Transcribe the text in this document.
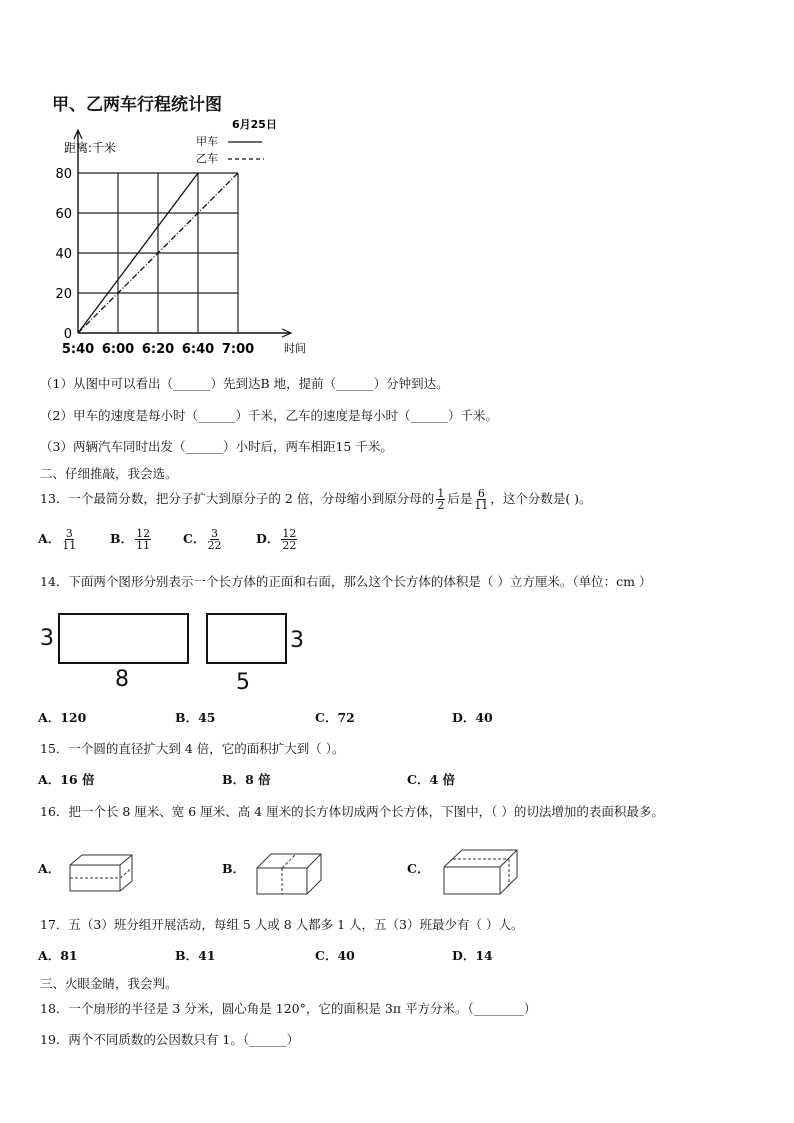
甲、乙两车行程统计图
0
20
40
60
80
5:40 6:00 6:20 6:40 7:00
6月25日
距离:千米
时间
甲车
乙车
（1）从图中可以看出（______）先到达B 地，提前（______）分钟到达。
（2）甲车的速度是每小时（______）千米，乙车的速度是每小时（______）千米。
（3）两辆汽车同时出发（______）小时后，两车相距15 千米。
二、仔细推敲，我会选。
13．一个最简分数，把分子扩大到原分子的 2 倍，分母缩小到原分母的 $\frac{1}{2}$ 后是 $\frac{6}{11}$ ，这个分数是( )。
A． $\frac{3}{11}$	B． $\frac{12}{11}$	C． $\frac{3}{22}$	D． $\frac{12}{22}$
14．下面两个图形分别表示一个长方体的正面和右面，那么这个长方体的体积是（ ）立方厘米。（单位：cm ）
3
8
3
5
A．120	B．45	C．72	D．40
15．一个圆的直径扩大到 4 倍，它的面积扩大到（ ）。
A．16 倍	B．8 倍	C．4 倍
16．把一个长 8 厘米、宽 6 厘米、高 4 厘米的长方体切成两个长方体，下图中，（ ）的切法增加的表面积最多。
A．	B．	C．
17．五（3）班分组开展活动，每组 5 人或 8 人都多 1 人，五（3）班最少有（ ）人。
A．81	B．41	C．40	D．14
三、火眼金睛，我会判。
18．一个扇形的半径是 3 分米，圆心角是 120°，它的面积是 3π 平方分米。（________）
19．两个不同质数的公因数只有 1。（______）
